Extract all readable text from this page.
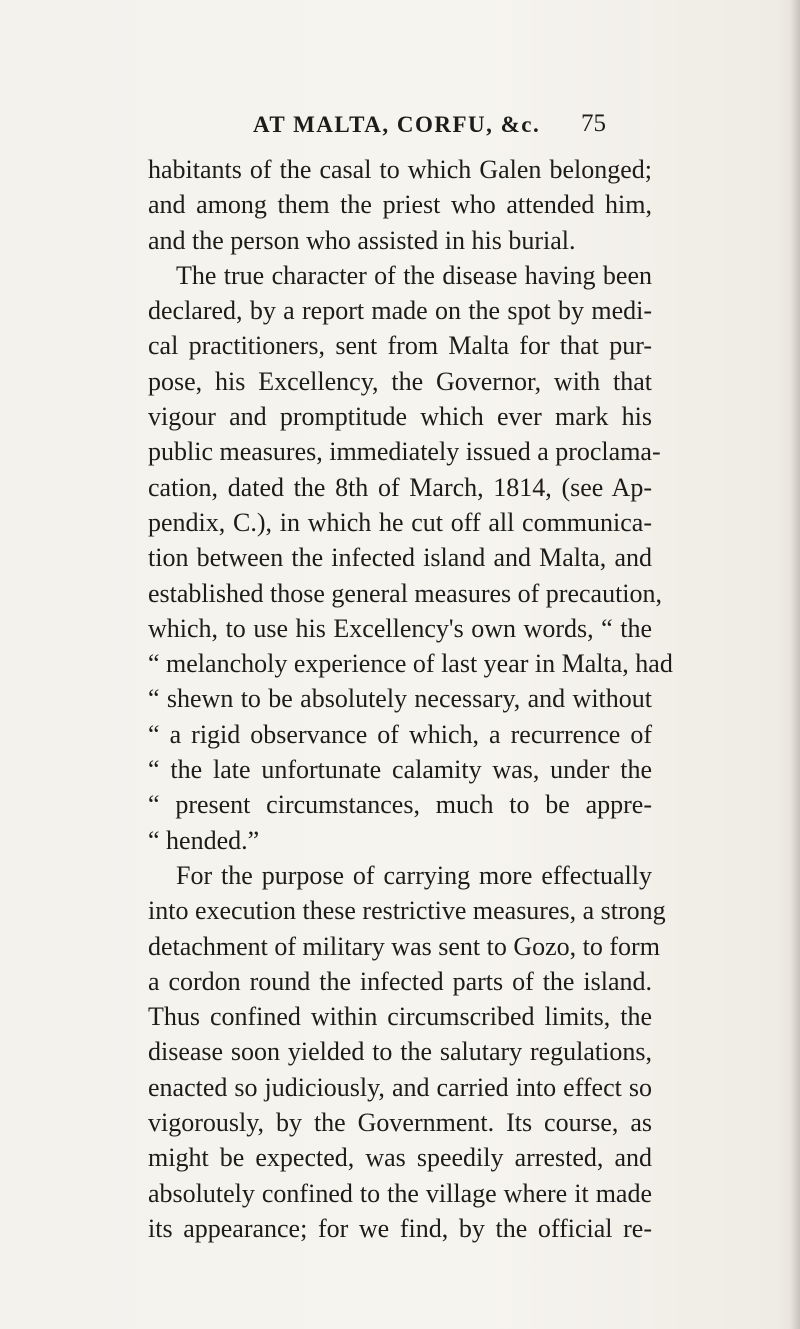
AT MALTA, CORFU, &c. 75
habitants of the casal to which Galen belonged;
and among them the priest who attended him,
and the person who assisted in his burial.
The true character of the disease having been
declared, by a report made on the spot by medi-
cal practitioners, sent from Malta for that pur-
pose, his Excellency, the Governor, with that
vigour and promptitude which ever mark his
public measures, immediately issued a proclama-
cation, dated the 8th of March, 1814, (see Ap-
pendix, C.), in which he cut off all communica-
tion between the infected island and Malta, and
established those general measures of precaution,
which, to use his Excellency's own words, “ the
“ melancholy experience of last year in Malta, had
“ shewn to be absolutely necessary, and without
“ a rigid observance of which, a recurrence of
“ the late unfortunate calamity was, under the
“ present circumstances, much to be appre-
“ hended.”
For the purpose of carrying more effectually
into execution these restrictive measures, a strong
detachment of military was sent to Gozo, to form
a cordon round the infected parts of the island.
Thus confined within circumscribed limits, the
disease soon yielded to the salutary regulations,
enacted so judiciously, and carried into effect so
vigorously, by the Government. Its course, as
might be expected, was speedily arrested, and
absolutely confined to the village where it made
its appearance; for we find, by the official re-
